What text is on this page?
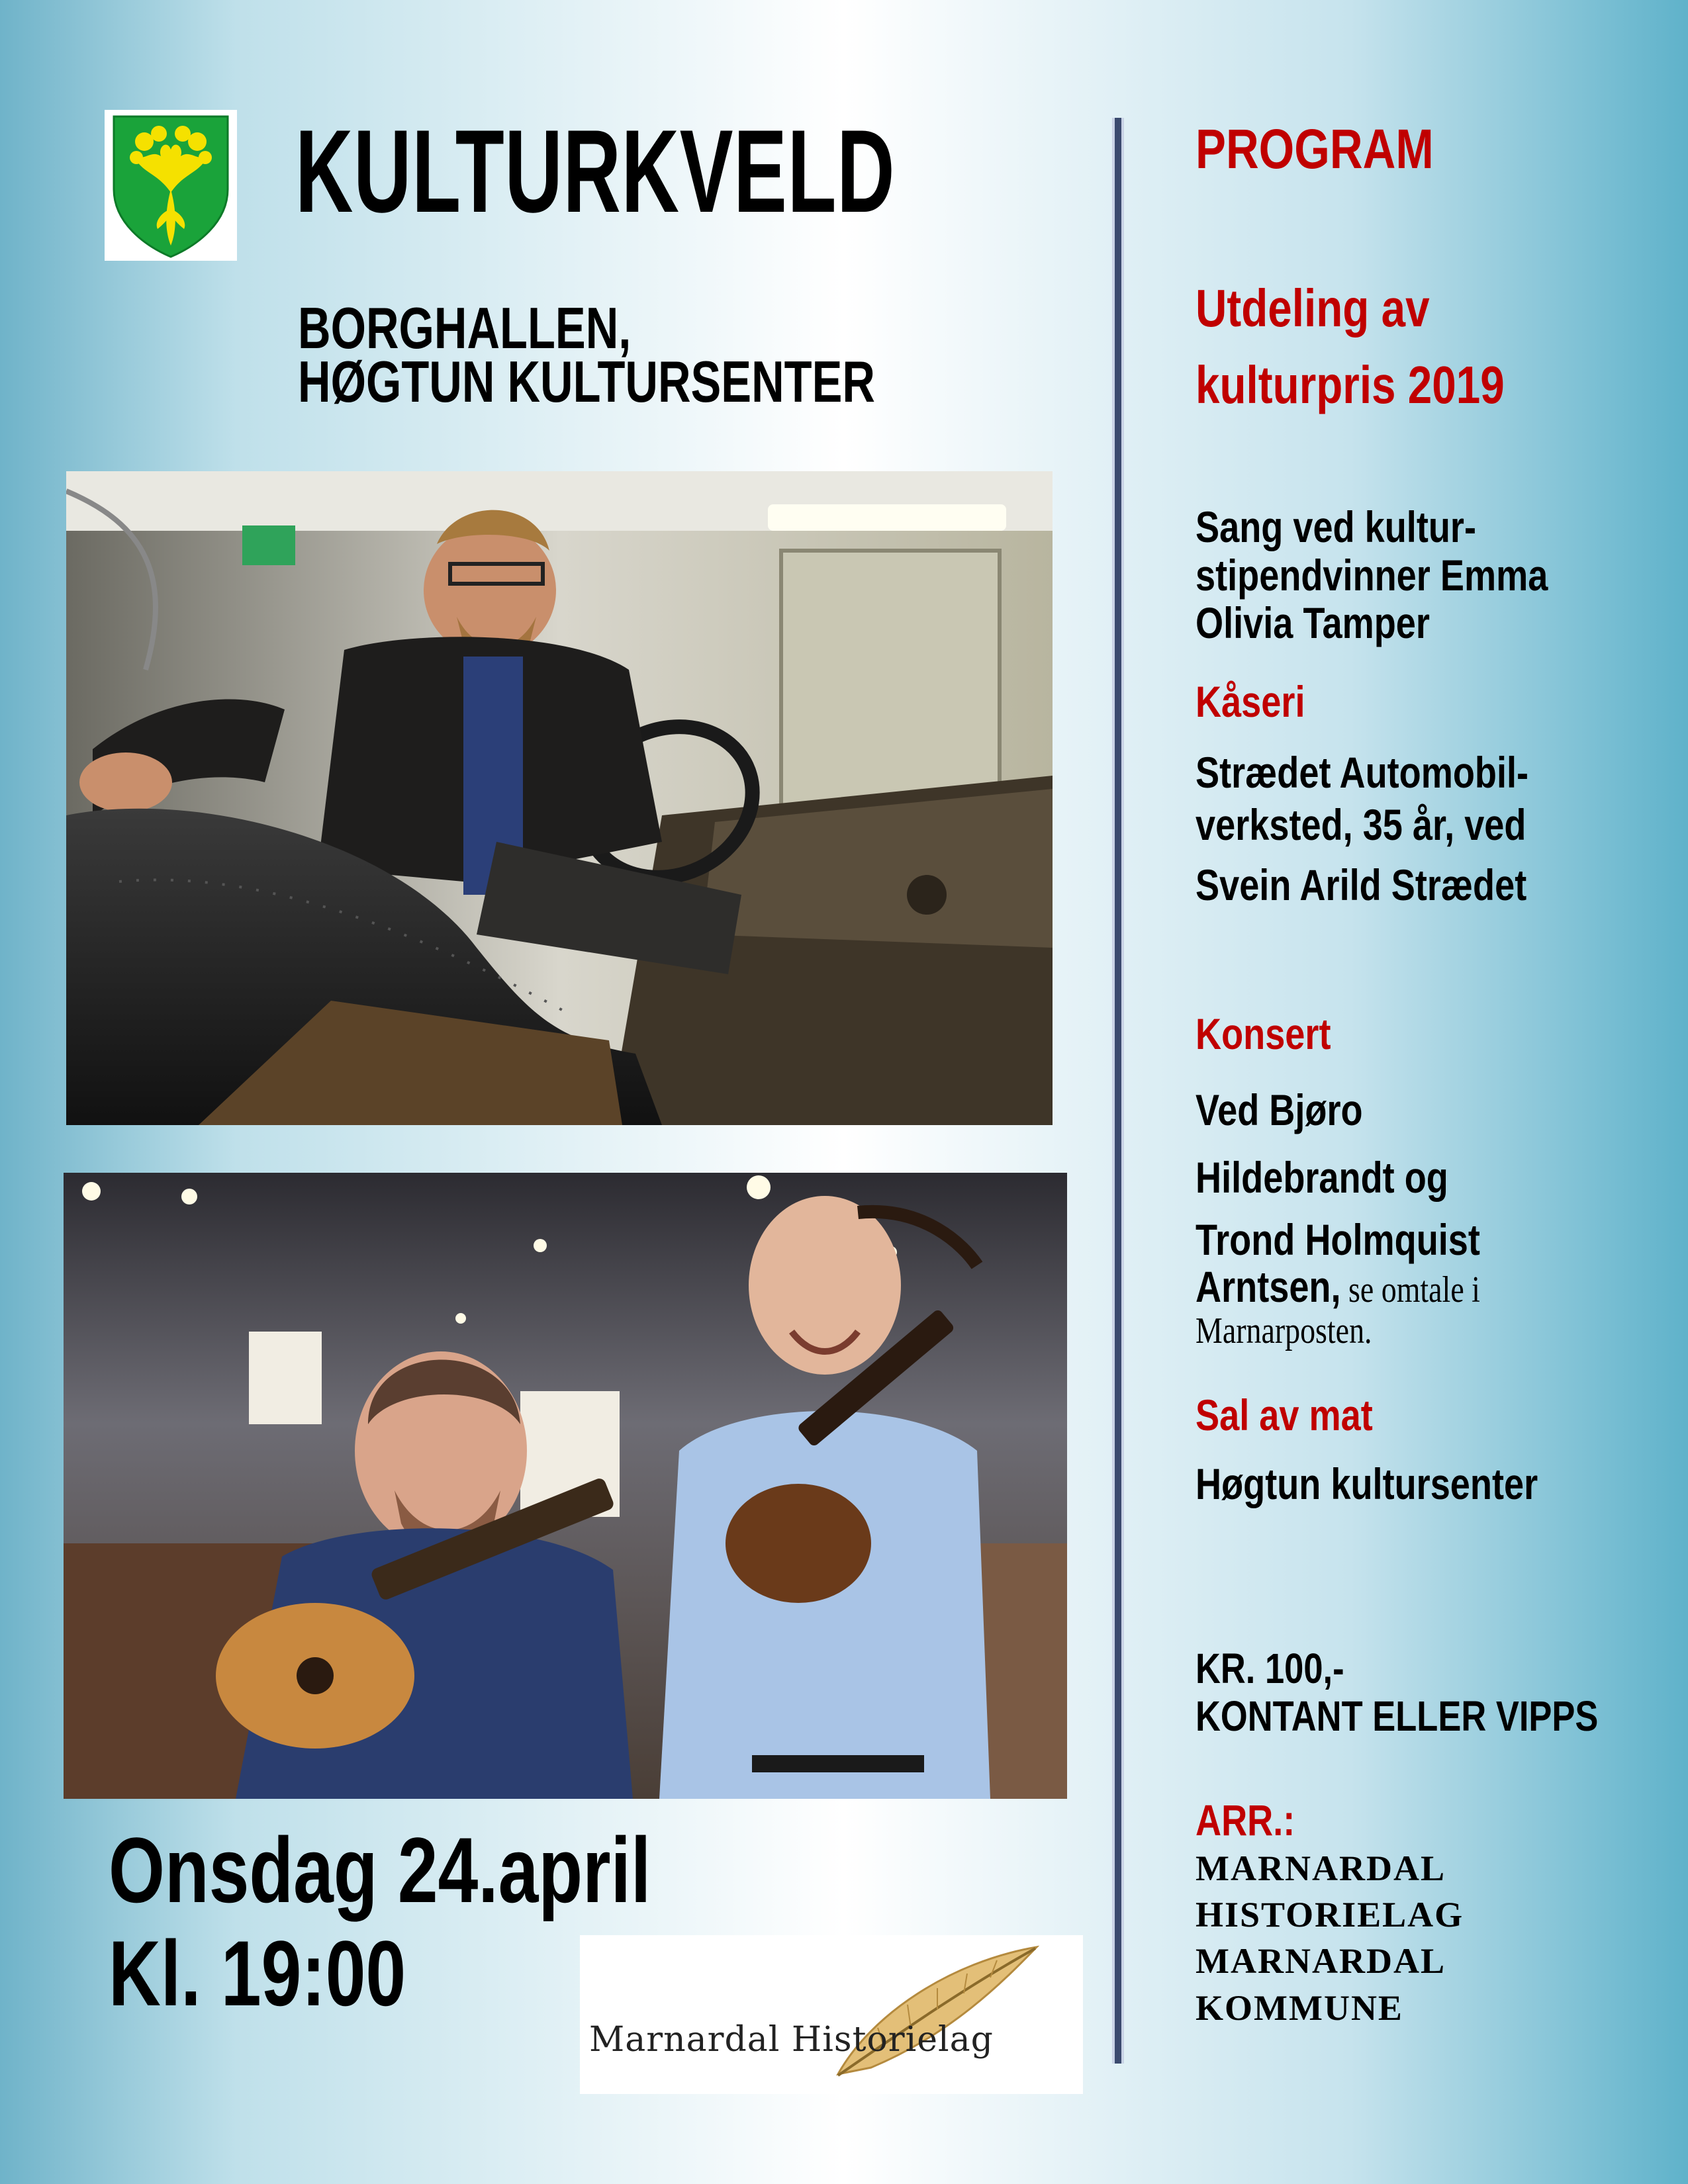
KULTURKVELD
BORGHALLEN,
HØGTUN KULTURSENTER
Onsdag 24.april
Kl. 19:00
Marnardal Historielag
PROGRAM
Utdeling av
kulturpris 2019
Sang ved kultur-
stipendvinner Emma
Olivia Tamper
Kåseri
Strædet Automobil-
verksted, 35 år, ved
Svein Arild Strædet
Konsert
Ved Bjøro
Hildebrandt og
Trond Holmquist
Arntsen, se omtale i
Marnarposten.
Sal av mat
Høgtun kultursenter
KR. 100,-
KONTANT ELLER VIPPS
ARR.:
MARNARDAL
HISTORIELAG
MARNARDAL
KOMMUNE
